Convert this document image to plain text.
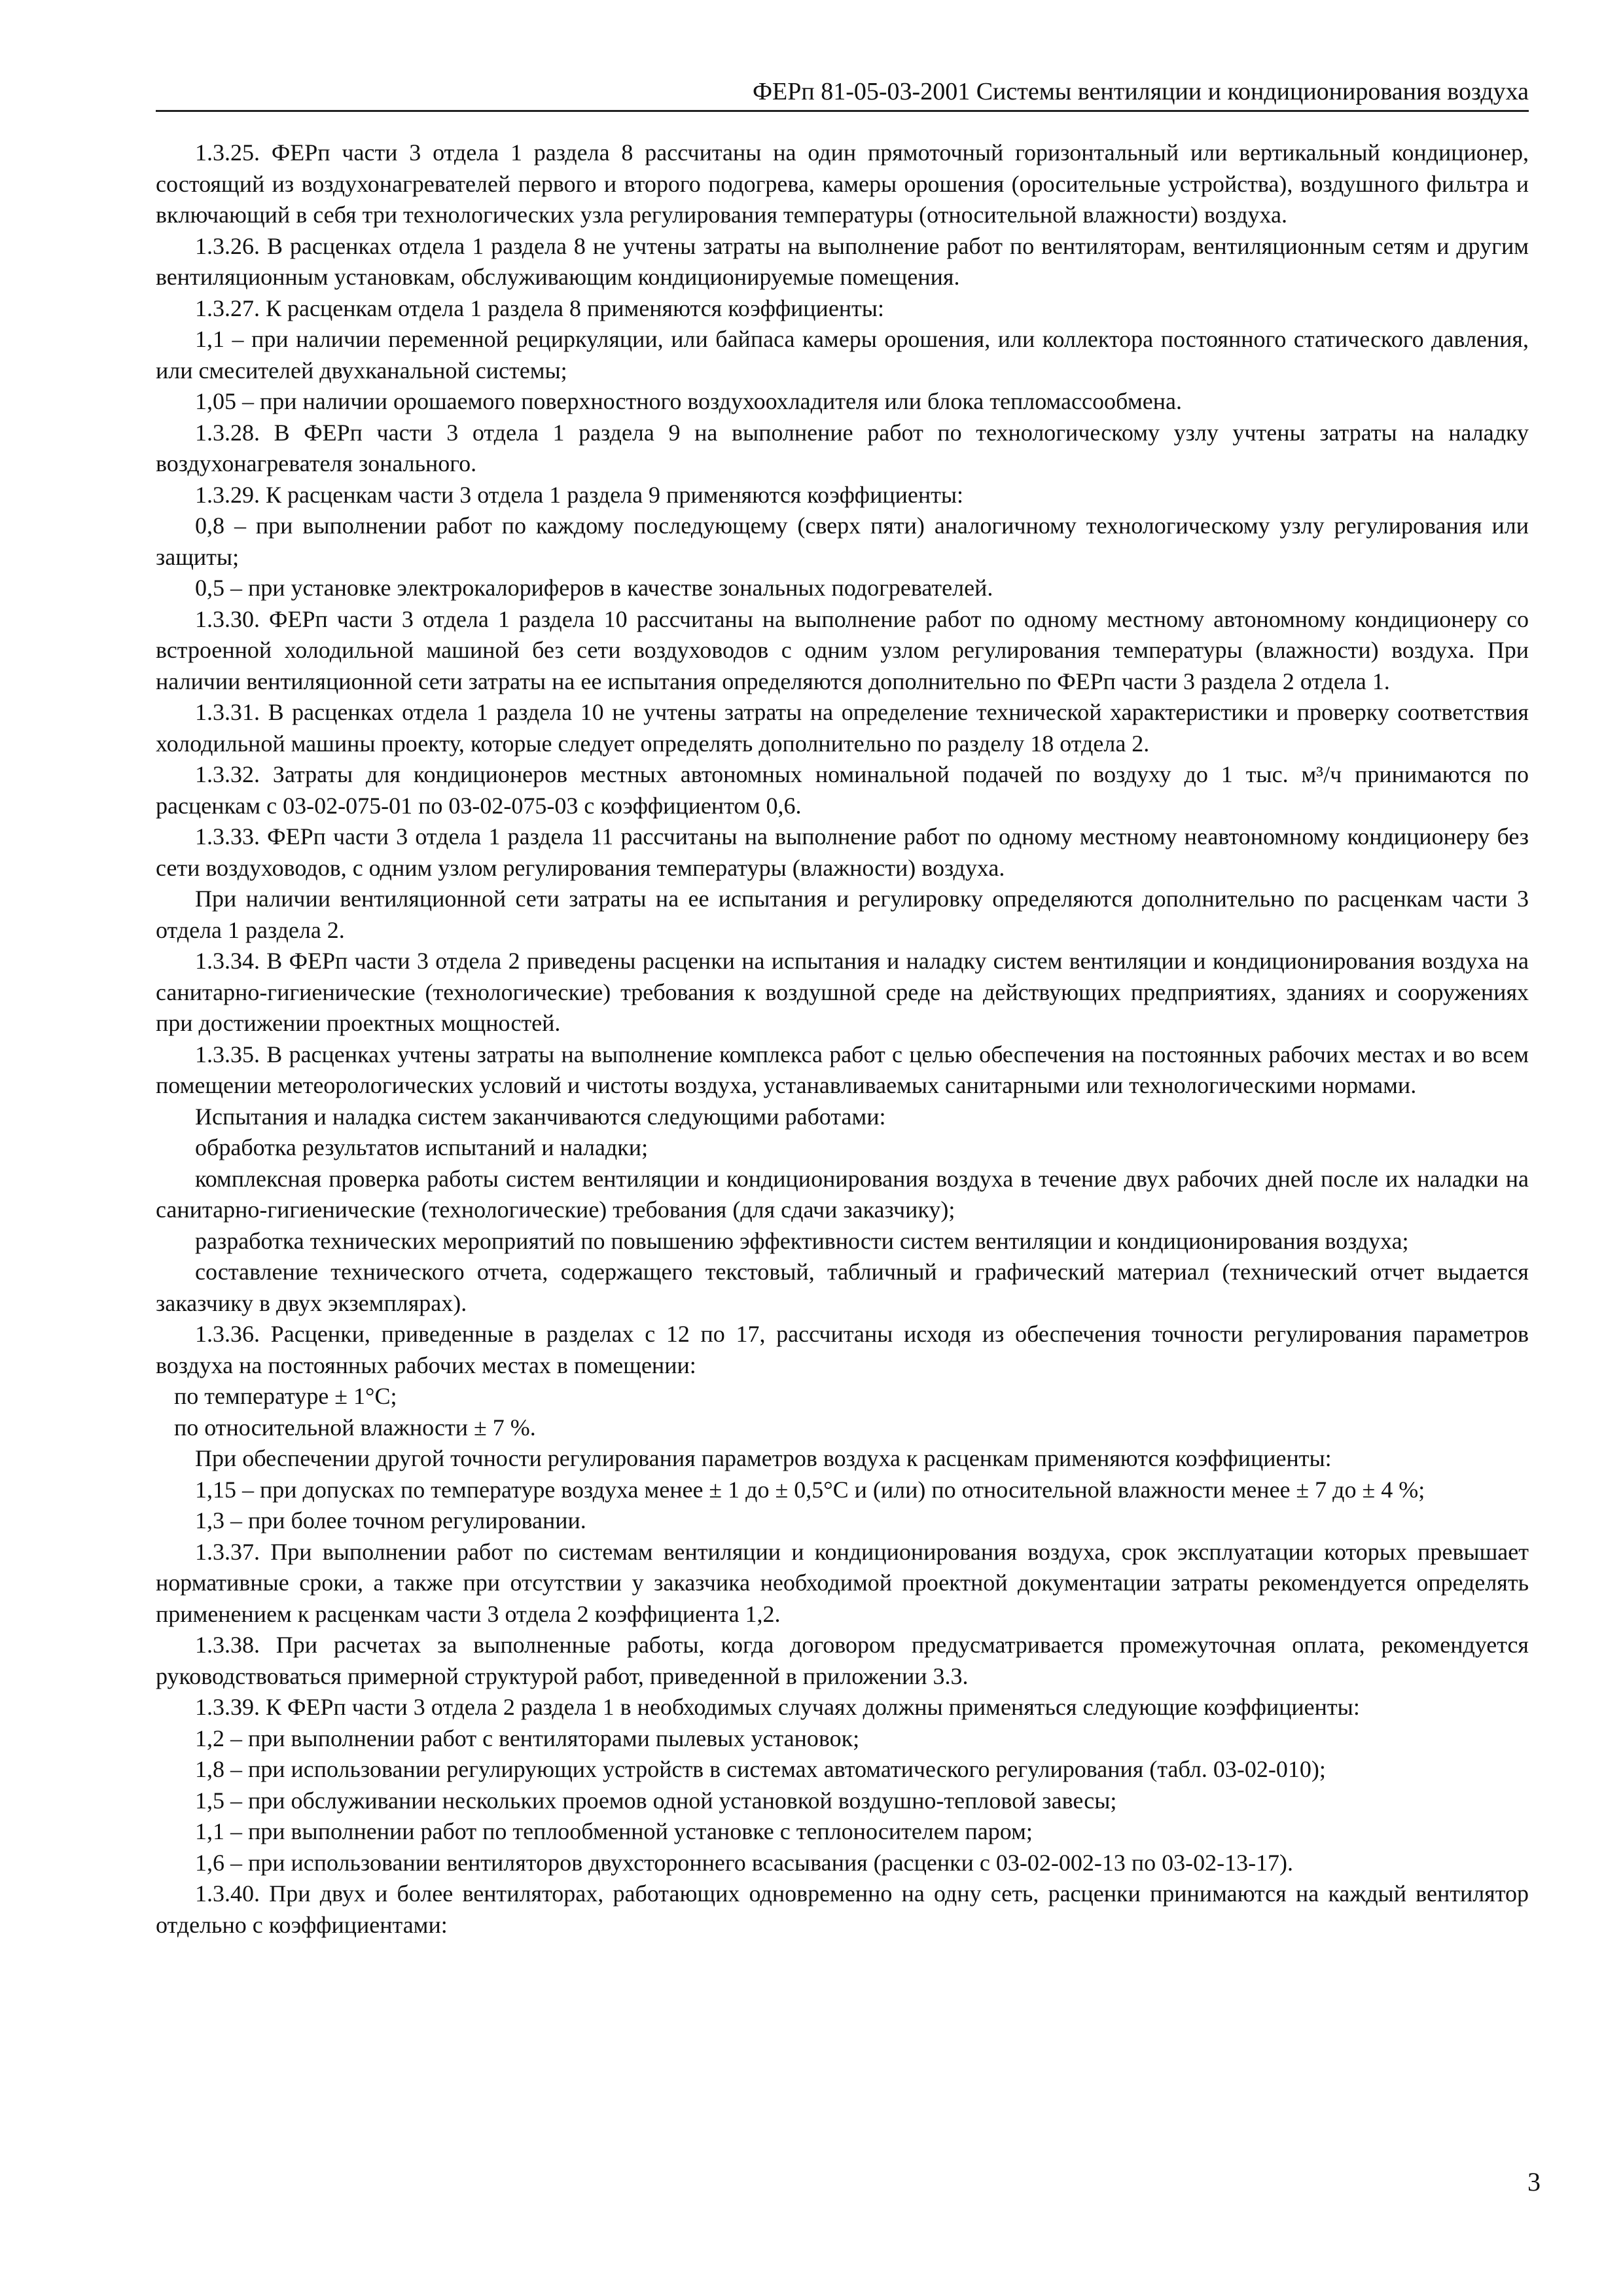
ФЕРп 81-05-03-2001 Системы вентиляции и кондиционирования воздуха

1.3.25. ФЕРп части 3 отдела 1 раздела 8 рассчитаны на один прямоточный горизонтальный или вертикальный кондиционер, состоящий из воздухонагревателей первого и второго подогрева, камеры орошения (оросительные устройства), воздушного фильтра и включающий в себя три технологических узла регулирования температуры (относительной влажности) воздуха.

1.3.26. В расценках отдела 1 раздела 8 не учтены затраты на выполнение работ по вентиляторам, вентиляционным сетям и другим вентиляционным установкам, обслуживающим кондиционируемые помещения.

1.3.27. К расценкам отдела 1 раздела 8 применяются коэффициенты:

1,1 – при наличии переменной рециркуляции, или байпаса камеры орошения, или коллектора постоянного статического давления, или смесителей двухканальной системы;

1,05 – при наличии орошаемого поверхностного воздухоохладителя или блока тепломассообмена.

1.3.28. В ФЕРп части 3 отдела 1 раздела 9 на выполнение работ по технологическому узлу учтены затраты на наладку воздухонагревателя зонального.

1.3.29. К расценкам части 3 отдела 1 раздела 9 применяются коэффициенты:

0,8 – при выполнении работ по каждому последующему (сверх пяти) аналогичному технологическому узлу регулирования или защиты;

0,5 – при установке электрокалориферов в качестве зональных подогревателей.

1.3.30. ФЕРп части 3 отдела 1 раздела 10 рассчитаны на выполнение работ по одному местному автономному кондиционеру со встроенной холодильной машиной без сети воздуховодов с одним узлом регулирования температуры (влажности) воздуха. При наличии вентиляционной сети затраты на ее испытания определяются дополнительно по ФЕРп части 3 раздела 2 отдела 1.

1.3.31. В расценках отдела 1 раздела 10 не учтены затраты на определение технической характеристики и проверку соответствия холодильной машины проекту, которые следует определять дополнительно по разделу 18 отдела 2.

1.3.32. Затраты для кондиционеров местных автономных номинальной подачей по воздуху до 1 тыс. м³/ч принимаются по расценкам с 03-02-075-01 по 03-02-075-03 с коэффициентом 0,6.

1.3.33. ФЕРп части 3 отдела 1 раздела 11 рассчитаны на выполнение работ по одному местному неавтономному кондиционеру без сети воздуховодов, с одним узлом регулирования температуры (влажности) воздуха.

При наличии вентиляционной сети затраты на ее испытания и регулировку определяются дополнительно по расценкам части 3 отдела 1 раздела 2.

1.3.34. В ФЕРп части 3 отдела 2 приведены расценки на испытания и наладку систем вентиляции и кондиционирования воздуха на санитарно-гигиенические (технологические) требования к воздушной среде на действующих предприятиях, зданиях и сооружениях при достижении проектных мощностей.

1.3.35. В расценках учтены затраты на выполнение комплекса работ с целью обеспечения на постоянных рабочих местах и во всем помещении метеорологических условий и чистоты воздуха, устанавливаемых санитарными или технологическими нормами.

Испытания и наладка систем заканчиваются следующими работами:

обработка результатов испытаний и наладки;

комплексная проверка работы систем вентиляции и кондиционирования воздуха в течение двух рабочих дней после их наладки на санитарно-гигиенические (технологические) требования (для сдачи заказчику);

разработка технических мероприятий по повышению эффективности систем вентиляции и кондиционирования воздуха;

составление технического отчета, содержащего текстовый, табличный и графический материал (технический отчет выдается заказчику в двух экземплярах).

1.3.36. Расценки, приведенные в разделах с 12 по 17, рассчитаны исходя из обеспечения точности регулирования параметров воздуха на постоянных рабочих местах в помещении:

по температуре ± 1°С;

по относительной влажности ± 7 %.

При обеспечении другой точности регулирования параметров воздуха к расценкам применяются коэффициенты:

1,15 – при допусках по температуре воздуха менее ± 1 до ± 0,5°С и (или) по относительной влажности менее ± 7 до ± 4 %;

1,3 – при более точном регулировании.

1.3.37. При выполнении работ по системам вентиляции и кондиционирования воздуха, срок эксплуатации которых превышает нормативные сроки, а также при отсутствии у заказчика необходимой проектной документации затраты рекомендуется определять применением к расценкам части 3 отдела 2 коэффициента 1,2.

1.3.38. При расчетах за выполненные работы, когда договором предусматривается промежуточная оплата, рекомендуется руководствоваться примерной структурой работ, приведенной в приложении 3.3.

1.3.39. К ФЕРп части 3 отдела 2 раздела 1 в необходимых случаях должны применяться следующие коэффициенты:

1,2 – при выполнении работ с вентиляторами пылевых установок;

1,8 – при использовании регулирующих устройств в системах автоматического регулирования (табл. 03-02-010);

1,5 – при обслуживании нескольких проемов одной установкой воздушно-тепловой завесы;

1,1 – при выполнении работ по теплообменной установке с теплоносителем паром;

1,6 – при использовании вентиляторов двухстороннего всасывания (расценки с 03-02-002-13 по 03-02-13-17).

1.3.40. При двух и более вентиляторах, работающих одновременно на одну сеть, расценки принимаются на каждый вентилятор отдельно с коэффициентами:

3
